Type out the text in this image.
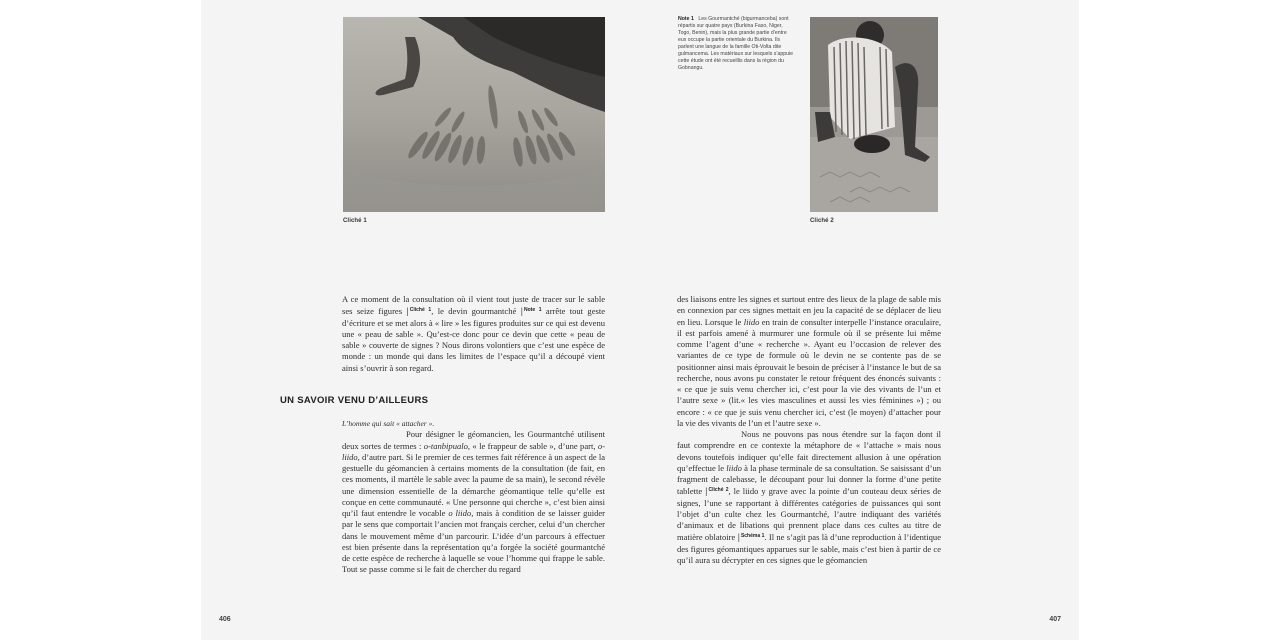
Cliché 1

A ce moment de la consultation où il vient tout juste de tracer sur le sable ses seize figures | $^{Cliché 1}$, le devin gourmantché | $^{Note 1}$ arrête tout geste d’écriture et se met alors à « lire » les figures produites sur ce qui est devenu une « peau de sable ». Qu’est-ce donc pour ce devin que cette « peau de sable » couverte de signes ? Nous dirons volontiers que c’est une espèce de monde : un monde qui dans les limites de l’espace qu’il a découpé vient ainsi s’ouvrir à son regard.

UN SAVOIR VENU D’AILLEURS

L’homme qui sait « attacher ».

Pour désigner le géomancien, les Gourmantché utilisent deux sortes de termes : o-tanbipualo, « le frappeur de sable », d’une part, o-liido, d’autre part. Si le premier de ces termes fait référence à un aspect de la gestuelle du géomancien à certains moments de la consultation (de fait, en ces moments, il martèle le sable avec la paume de sa main), le second révèle une dimension essentielle de la démarche géomantique telle qu’elle est conçue en cette communauté. « Une personne qui cherche », c’est bien ainsi qu’il faut entendre le vocable o liido, mais à condition de se laisser guider par le sens que comportait l’ancien mot français cercher, celui d’un chercher dans le mouvement même d’un parcourir. L’idée d’un parcours à effectuer est bien présente dans la représentation qu’a forgée la société gourmantché de cette espèce de recherche à laquelle se voue l’homme qui frappe le sable. Tout se passe comme si le fait de chercher du regard

406
Note 1 Les Gourmantché (bigurmanceba) sont répartis sur quatre pays (Burkina Faso, Niger, Togo, Benin), mais la plus grande partie d’entre eux occupe la partie orientale du Burkina. Ils parlent une langue de la famille Oti-Volta dite gulmancema. Les matériaux sur lesquels s’appuie cette étude ont été recueillis dans la région du Gobnangu.
Cliché 2

des liaisons entre les signes et surtout entre des lieux de la plage de sable mis en connexion par ces signes mettait en jeu la capacité de se déplacer de lieu en lieu. Lorsque le liido en train de consulter interpelle l’instance oraculaire, il est parfois amené à murmurer une formule où il se présente lui même comme l’agent d’une « recherche ». Ayant eu l’occasion de relever des variantes de ce type de formule où le devin ne se contente pas de se positionner ainsi mais éprouvait le besoin de préciser à l’instance le but de sa recherche, nous avons pu constater le retour fréquent des énoncés suivants : « ce que je suis venu chercher ici, c’est pour la vie des vivants de l’un et l’autre sexe » (lit.« les vies masculines et aussi les vies féminines ») ; ou encore : « ce que je suis venu chercher ici, c’est (le moyen) d’attacher pour la vie des vivants de l’un et l’autre sexe ».

Nous ne pouvons pas nous étendre sur la façon dont il faut comprendre en ce contexte la métaphore de « l’attache » mais nous devons toutefois indiquer qu’elle fait directement allusion à une opération qu’effectue le liido à la phase terminale de sa consultation. Se saisissant d’un fragment de calebasse, le découpant pour lui donner la forme d’une petite tablette | $^{Cliché 2}$, le liido y grave avec la pointe d’un couteau deux séries de signes, l’une se rapportant à différentes catégories de puissances qui sont l’objet d’un culte chez les Gourmantché, l’autre indiquant des variétés d’animaux et de libations qui prennent place dans ces cultes au titre de matière oblatoire | $^{Schéma 1}$. Il ne s’agit pas là d’une reproduction à l’identique des figures géomantiques apparues sur le sable, mais c’est bien à partir de ce qu’il aura su décrypter en ces signes que le géomancien

407
